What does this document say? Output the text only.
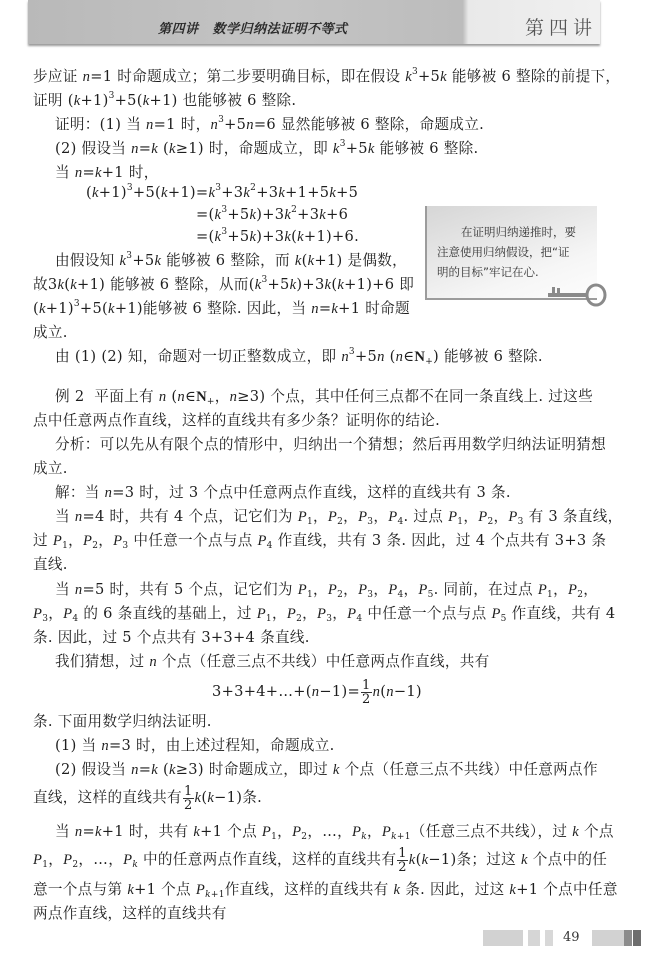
第四讲 数学归纳法证明不等式	第四讲
步应证 n=1 时命题成立；第二步要明确目标，即在假设 $k^3+5k$ 能够被 6 整除的前提下，
证明 $(k+1)^3+5(k+1)$ 也能够被 6 整除.
证明：(1) 当 n=1 时，$n^3+5n=6$ 显然能够被 6 整除，命题成立.
(2) 假设当 n=k (k≥1) 时，命题成立，即 $k^3+5k$ 能够被 6 整除.
当 n=k+1 时，
$(k+1)^3+5(k+1)=k^3+3k^2+3k+1+5k+5$
$=(k^3+5k)+3k^2+3k+6$
$=(k^3+5k)+3k(k+1)+6$.
由假设知 $k^3+5k$ 能够被 6 整除，而 k(k+1) 是偶数，
故3k(k+1) 能够被 6 整除，从而$(k^3+5k)+3k(k+1)+6$ 即
$(k+1)^3+5(k+1)$能够被 6 整除. 因此，当 n=k+1 时命题
成立.
由 (1) (2) 知，命题对一切正整数成立，即 $n^3+5n$ $(n\in N_+)$ 能够被 6 整除.
在证明归纳递推时，要
注意使用归纳假设，把“证
明的目标”牢记在心.
例 2  平面上有 n ($n\in N_+$，n≥3) 个点，其中任何三点都不在同一条直线上. 过这些
点中任意两点作直线，这样的直线共有多少条？证明你的结论.
分析：可以先从有限个点的情形中，归纳出一个猜想；然后再用数学归纳法证明猜想
成立.
解：当 n=3 时，过 3 个点中任意两点作直线，这样的直线共有 3 条.
当 n=4 时，共有 4 个点，记它们为 $P_1$，$P_2$，$P_3$，$P_4$. 过点 $P_1$，$P_2$，$P_3$ 有 3 条直线，
过 $P_1$，$P_2$，$P_3$ 中任意一个点与点 $P_4$ 作直线，共有 3 条. 因此，过 4 个点共有 3+3 条
直线.
当 n=5 时，共有 5 个点，记它们为 $P_1$，$P_2$，$P_3$，$P_4$，$P_5$. 同前，在过点 $P_1$，$P_2$，
$P_3$，$P_4$ 的 6 条直线的基础上，过 $P_1$，$P_2$，$P_3$，$P_4$ 中任意一个点与点 $P_5$ 作直线，共有 4
条. 因此，过 5 个点共有 3+3+4 条直线.
我们猜想，过 n 个点（任意三点不共线）中任意两点作直线，共有
3+3+4+…+(n−1)= $\frac{1}{2} n(n-1)$
条. 下面用数学归纳法证明.
(1) 当 n=3 时，由上述过程知，命题成立.
(2) 假设当 n=k (k≥3) 时命题成立，即过 k 个点（任意三点不共线）中任意两点作
直线，这样的直线共有 $\frac{1}{2} k(k-1)$条.
当 n=k+1 时，共有 k+1 个点 $P_1$，$P_2$，…，$P_k$，$P_{k+1}$（任意三点不共线），过 k 个点
$P_1$，$P_2$，…，$P_k$ 中的任意两点作直线，这样的直线共有 $\frac{1}{2} k(k-1)$条；过这 k 个点中的任
意一个点与第 k+1 个点 $P_{k+1}$作直线，这样的直线共有 k 条. 因此，过这 k+1 个点中任意
两点作直线，这样的直线共有
49
